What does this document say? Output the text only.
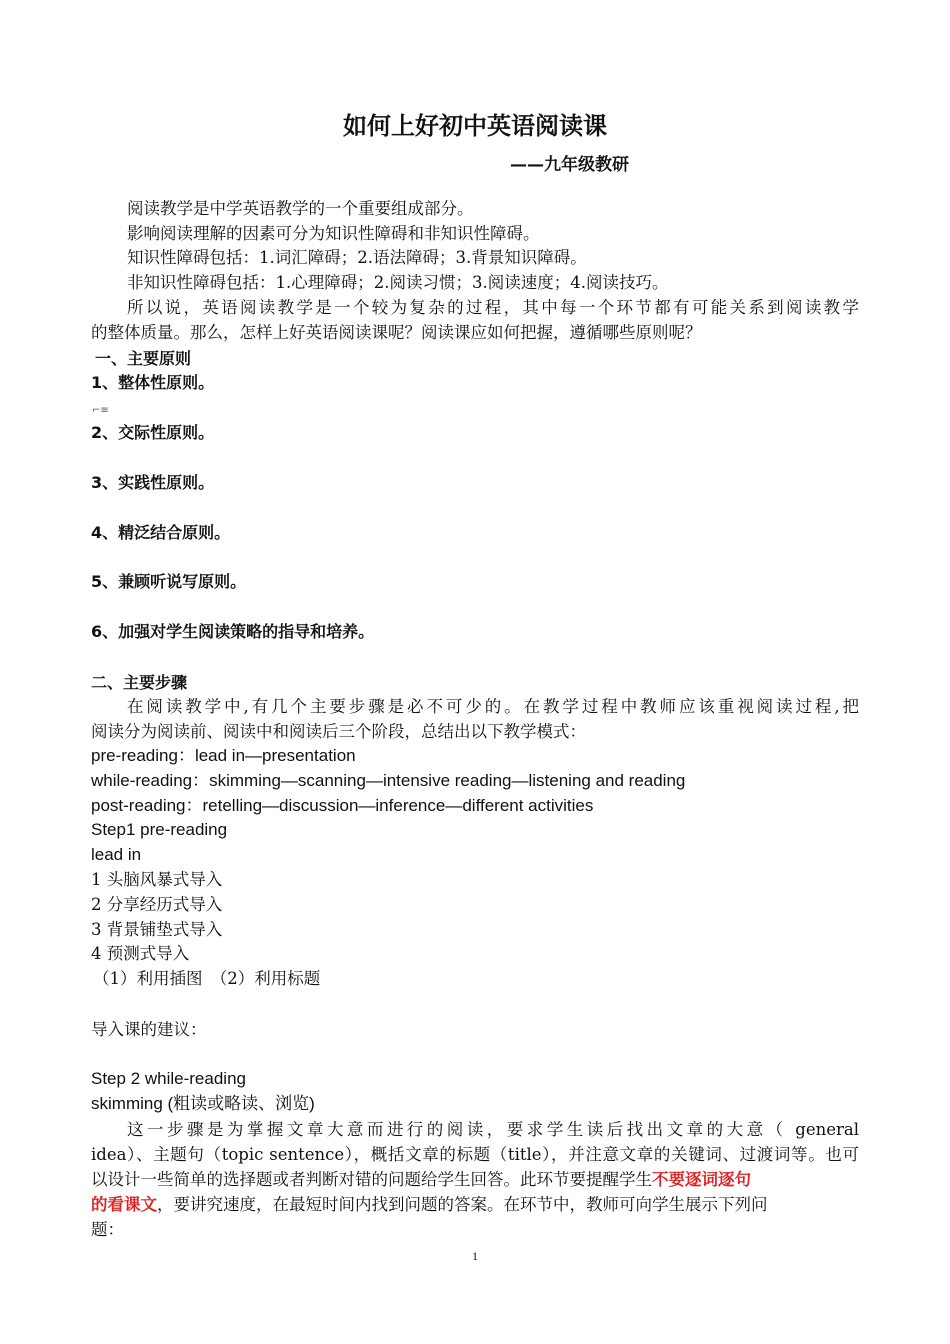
如何上好初中英语阅读课
——九年级教研
阅读教学是中学英语教学的一个重要组成部分。
影响阅读理解的因素可分为知识性障碍和非知识性障碍。
知识性障碍包括：1.词汇障碍；2.语法障碍；3.背景知识障碍。
非知识性障碍包括：1.心理障碍；2.阅读习惯；3.阅读速度；4.阅读技巧。
所以说，英语阅读教学是一个较为复杂的过程，其中每一个环节都有可能关系到阅读教学
的整体质量。那么，怎样上好英语阅读课呢？阅读课应如何把握，遵循哪些原则呢？
一、主要原则
1、整体性原则。
⌐≡
2、交际性原则。
3、实践性原则。
4、精泛结合原则。
5、兼顾听说写原则。
6、加强对学生阅读策略的指导和培养。
二、主要步骤
在阅读教学中,有几个主要步骤是必不可少的。在教学过程中教师应该重视阅读过程,把
阅读分为阅读前、阅读中和阅读后三个阶段，总结出以下教学模式：
pre-reading：lead in—presentation
while-reading：skimming—scanning—intensive reading—listening and reading
post-reading：retelling—discussion—inference—different activities
Step1 pre-reading
lead in
1 头脑风暴式导入
2 分享经历式导入
3 背景铺垫式导入
4 预测式导入
（1）利用插图　（2）利用标题
导入课的建议：
Step 2 while-reading
skimming (粗读或略读、浏览)
这一步骤是为掌握文章大意而进行的阅读，要求学生读后找出文章的大意（ general
idea）、主题句（topic sentence），概括文章的标题（title），并注意文章的关键词、过渡词等。也可
以设计一些简单的选择题或者判断对错的问题给学生回答。此环节要提醒学生不要逐词逐句
的看课文，要讲究速度，在最短时间内找到问题的答案。在环节中，教师可向学生展示下列问
题：
1
